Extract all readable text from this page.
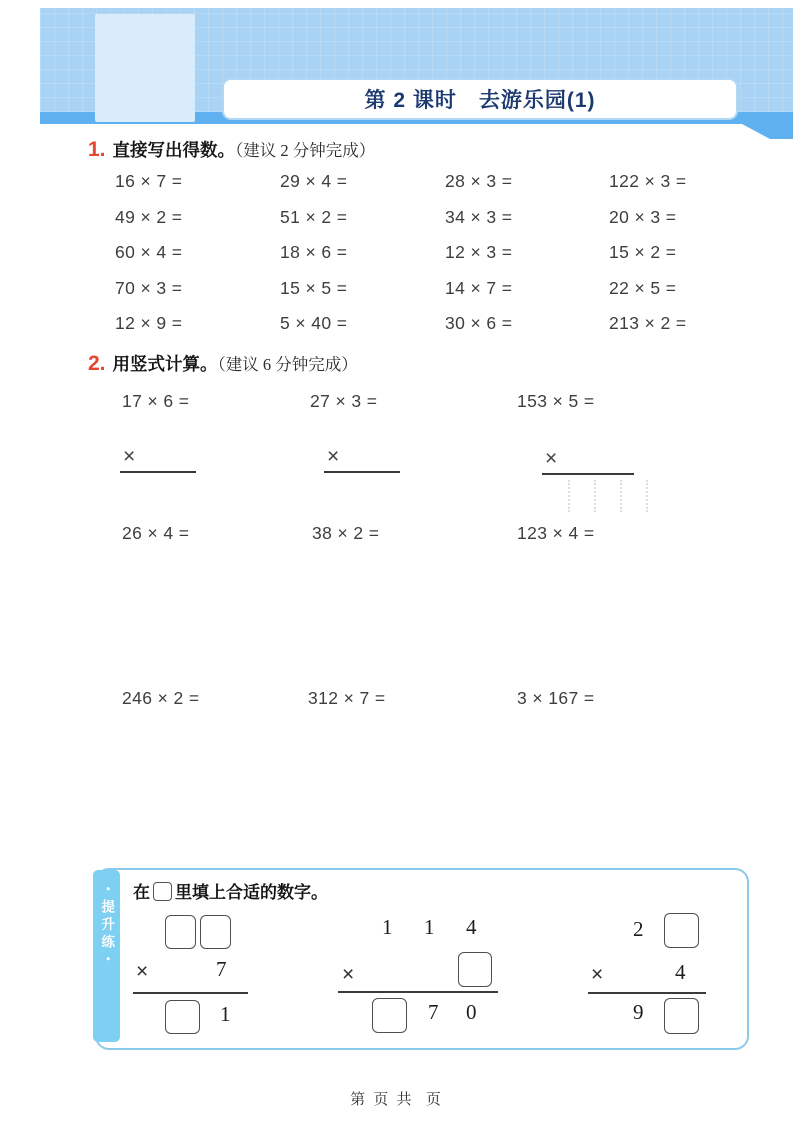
第 2 课时　去游乐园(1)
1. 直接写出得数。（建议 2 分钟完成）
16 × 7 =	29 × 4 =	28 × 3 =	122 × 3 =
49 × 2 =	51 × 2 =	34 × 3 =	20 × 3 =
60 × 4 =	18 × 6 =	12 × 3 =	15 × 2 =
70 × 3 =	15 × 5 =	14 × 7 =	22 × 5 =
12 × 9 =	5 × 40 =	30 × 6 =	213 × 2 =
2. 用竖式计算。（建议 6 分钟完成）
17 × 6 =	27 × 3 =	153 × 5 =
×	×	×
26 × 4 =	38 × 2 =	123 × 4 =
246 × 2 =	312 × 7 =	3 × 167 =
・提升练・ 在 里填上合适的数字。
×	7
1
1 1 4
×
7 0
2
×	4
9
第 页 共  页
